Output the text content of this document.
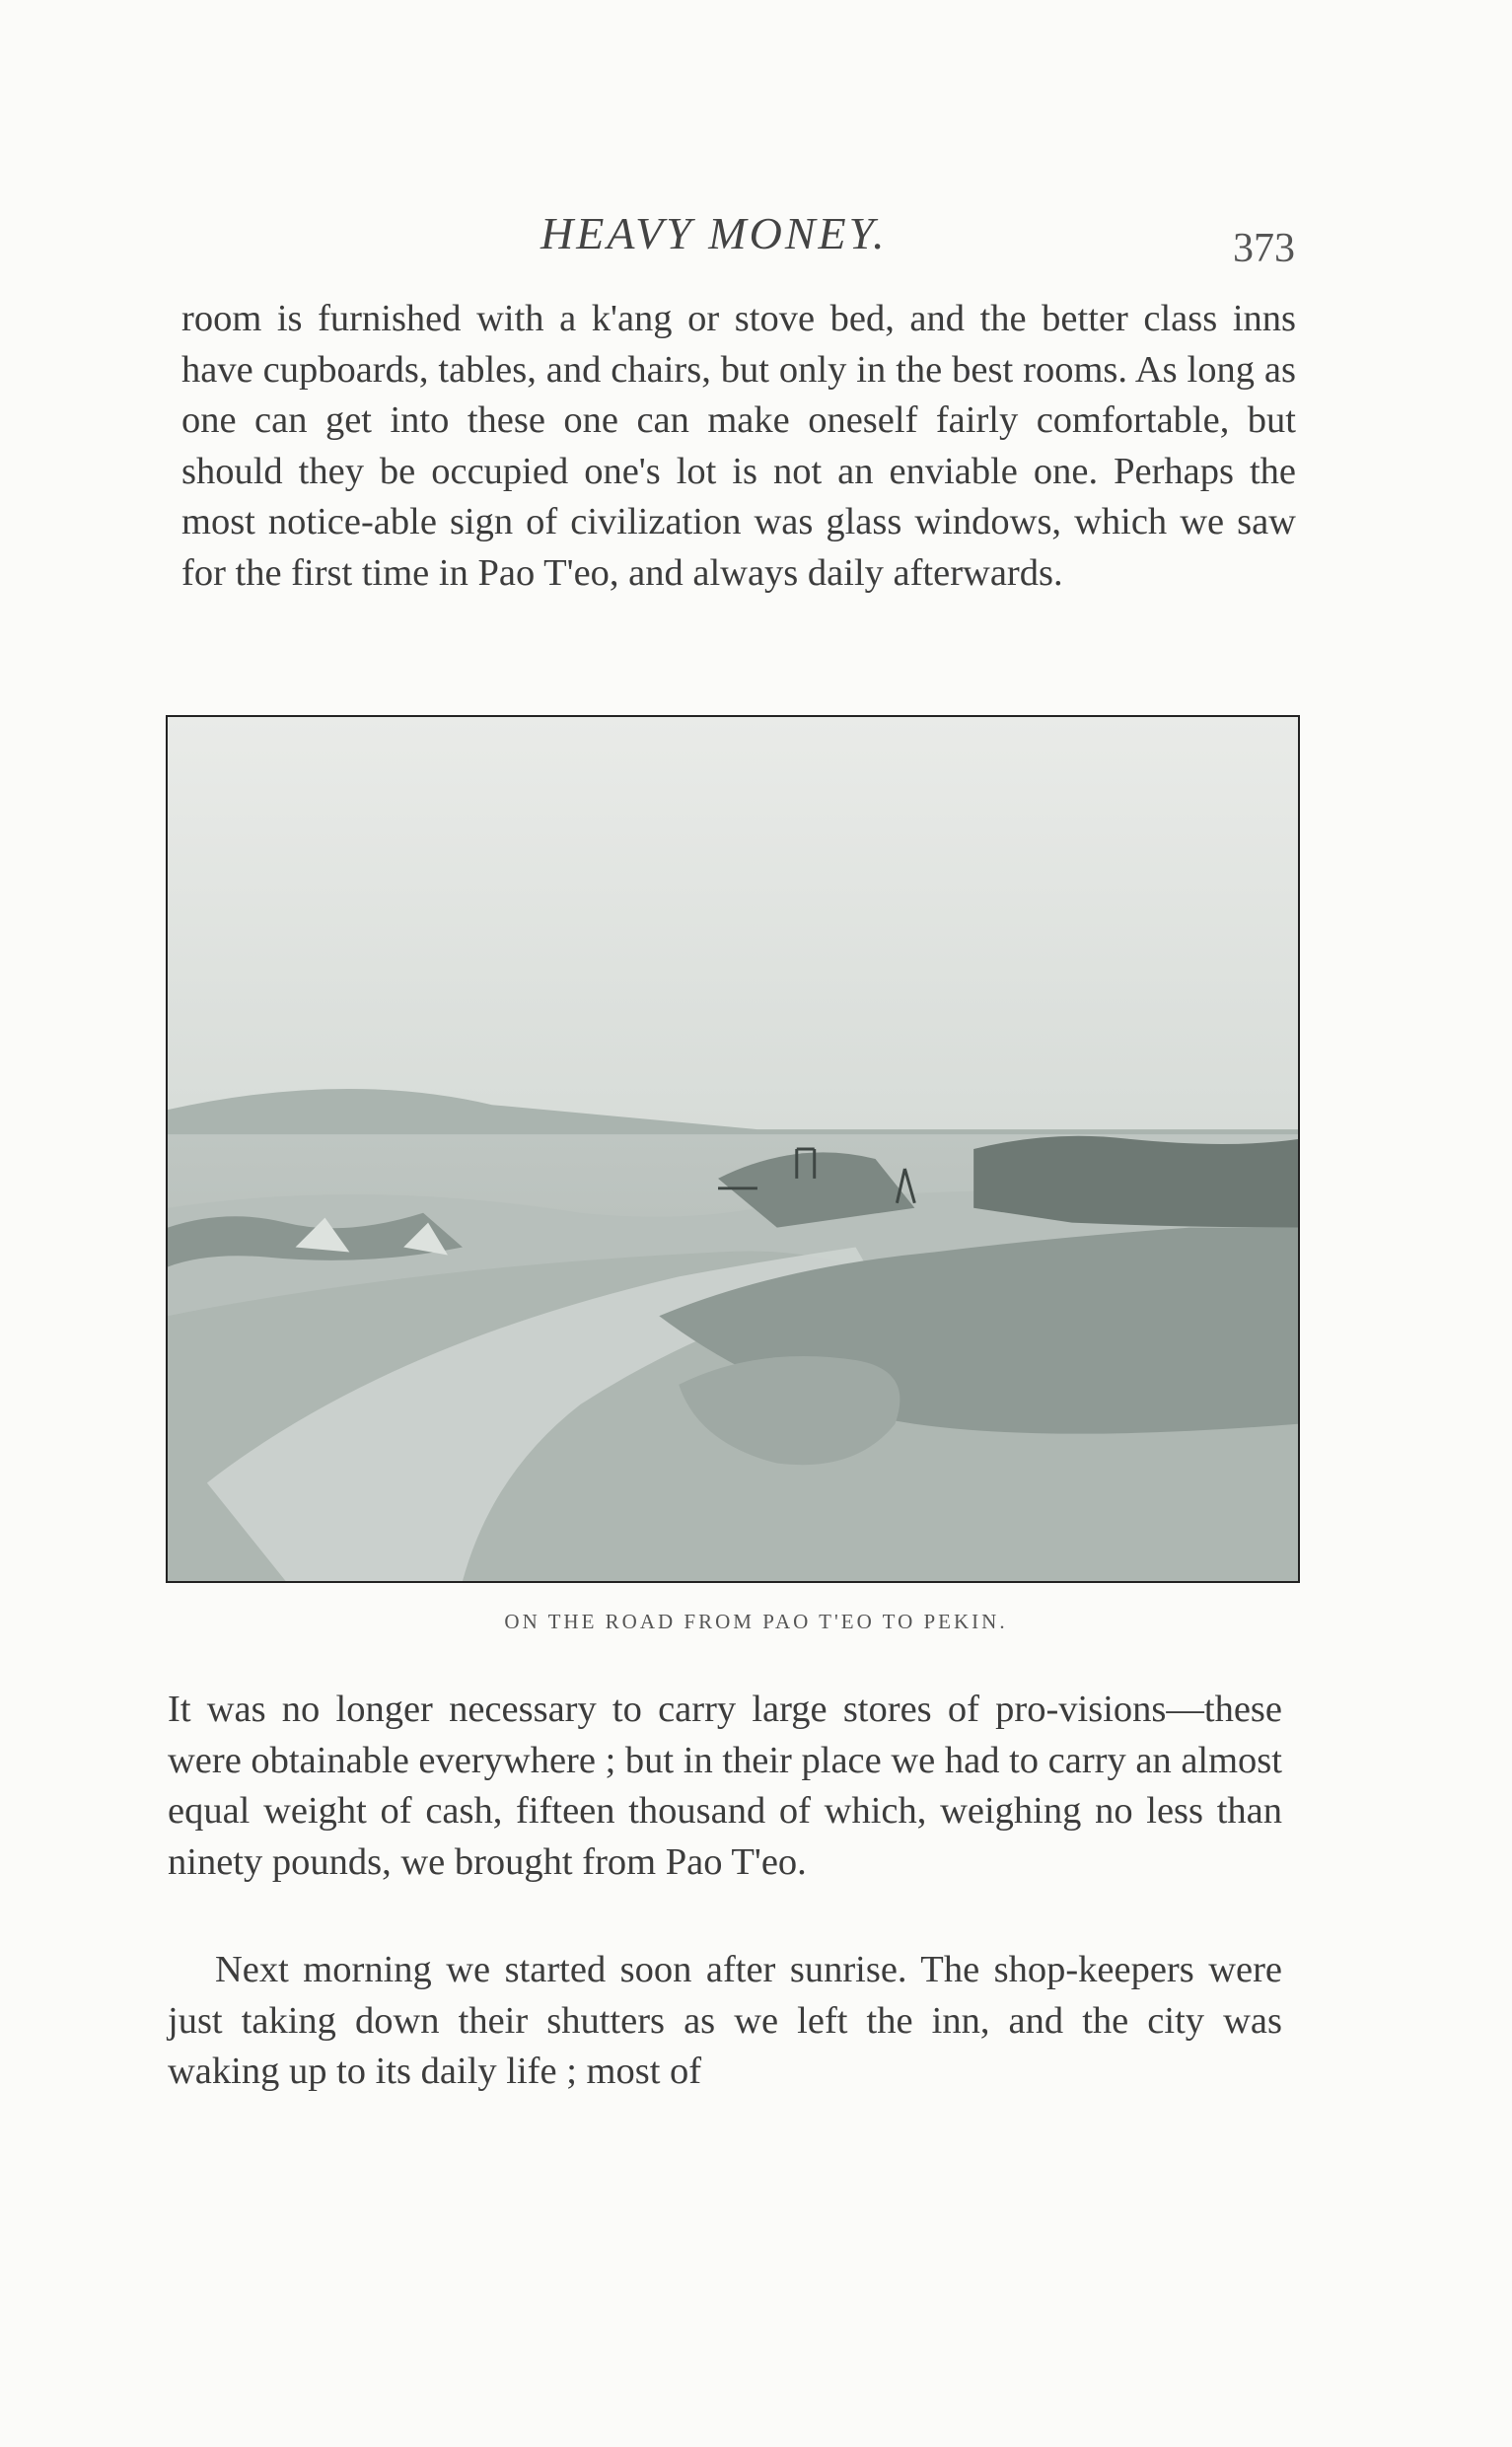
HEAVY MONEY.	373

room is furnished with a k'ang or stove bed, and the better class inns have cupboards, tables, and chairs, but only in the best rooms. As long as one can get into these one can make oneself fairly comfortable, but should they be occupied one's lot is not an enviable one. Perhaps the most notice-able sign of civilization was glass windows, which we saw for the first time in Pao T'eo, and always daily afterwards.

ON THE ROAD FROM PAO T'EO TO PEKIN.

It was no longer necessary to carry large stores of pro-visions—these were obtainable everywhere ; but in their place we had to carry an almost equal weight of cash, fifteen thousand of which, weighing no less than ninety pounds, we brought from Pao T'eo.

Next morning we started soon after sunrise. The shop-keepers were just taking down their shutters as we left the inn, and the city was waking up to its daily life ; most of
